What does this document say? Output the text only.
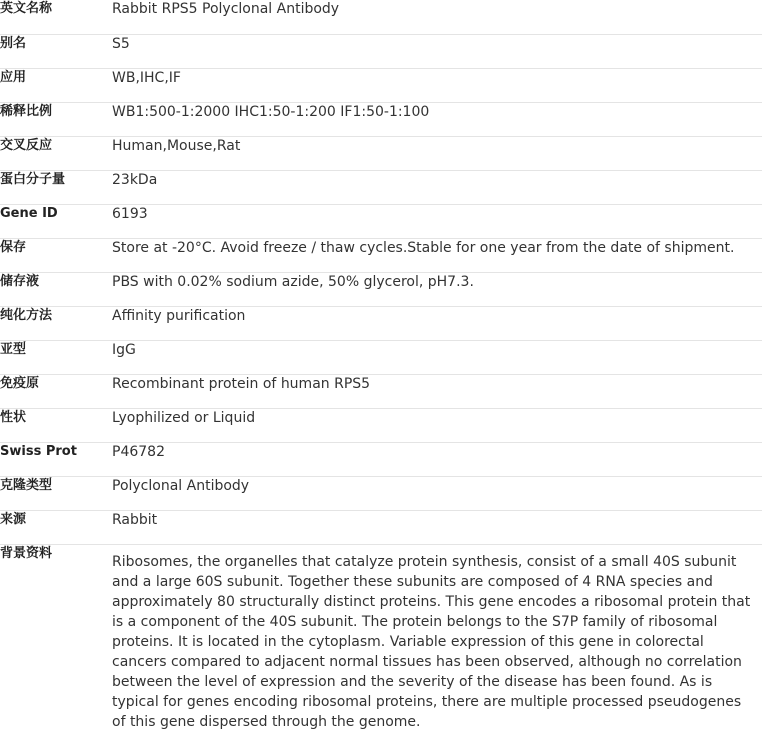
英文名称	Rabbit RPS5 Polyclonal Antibody
别名	S5
应用	WB,IHC,IF
稀释比例	WB1:500-1:2000 IHC1:50-1:200 IF1:50-1:100
交叉反应	Human,Mouse,Rat
蛋白分子量	23kDa
Gene ID	6193
保存	Store at -20°C. Avoid freeze / thaw cycles.Stable for one year from the date of shipment.
储存液	PBS with 0.02% sodium azide, 50% glycerol, pH7.3.
纯化方法	Affinity purification
亚型	IgG
免疫原	Recombinant protein of human RPS5
性状	Lyophilized or Liquid
Swiss Prot	P46782
克隆类型	Polyclonal Antibody
来源	Rabbit
背景资料	Ribosomes, the organelles that catalyze protein synthesis, consist of a small 40S subunit and a large 60S subunit. Together these subunits are composed of 4 RNA species and approximately 80 structurally distinct proteins. This gene encodes a ribosomal protein that is a component of the 40S subunit. The protein belongs to the S7P family of ribosomal proteins. It is located in the cytoplasm. Variable expression of this gene in colorectal cancers compared to adjacent normal tissues has been observed, although no correlation between the level of expression and the severity of the disease has been found. As is typical for genes encoding ribosomal proteins, there are multiple processed pseudogenes of this gene dispersed through the genome.
